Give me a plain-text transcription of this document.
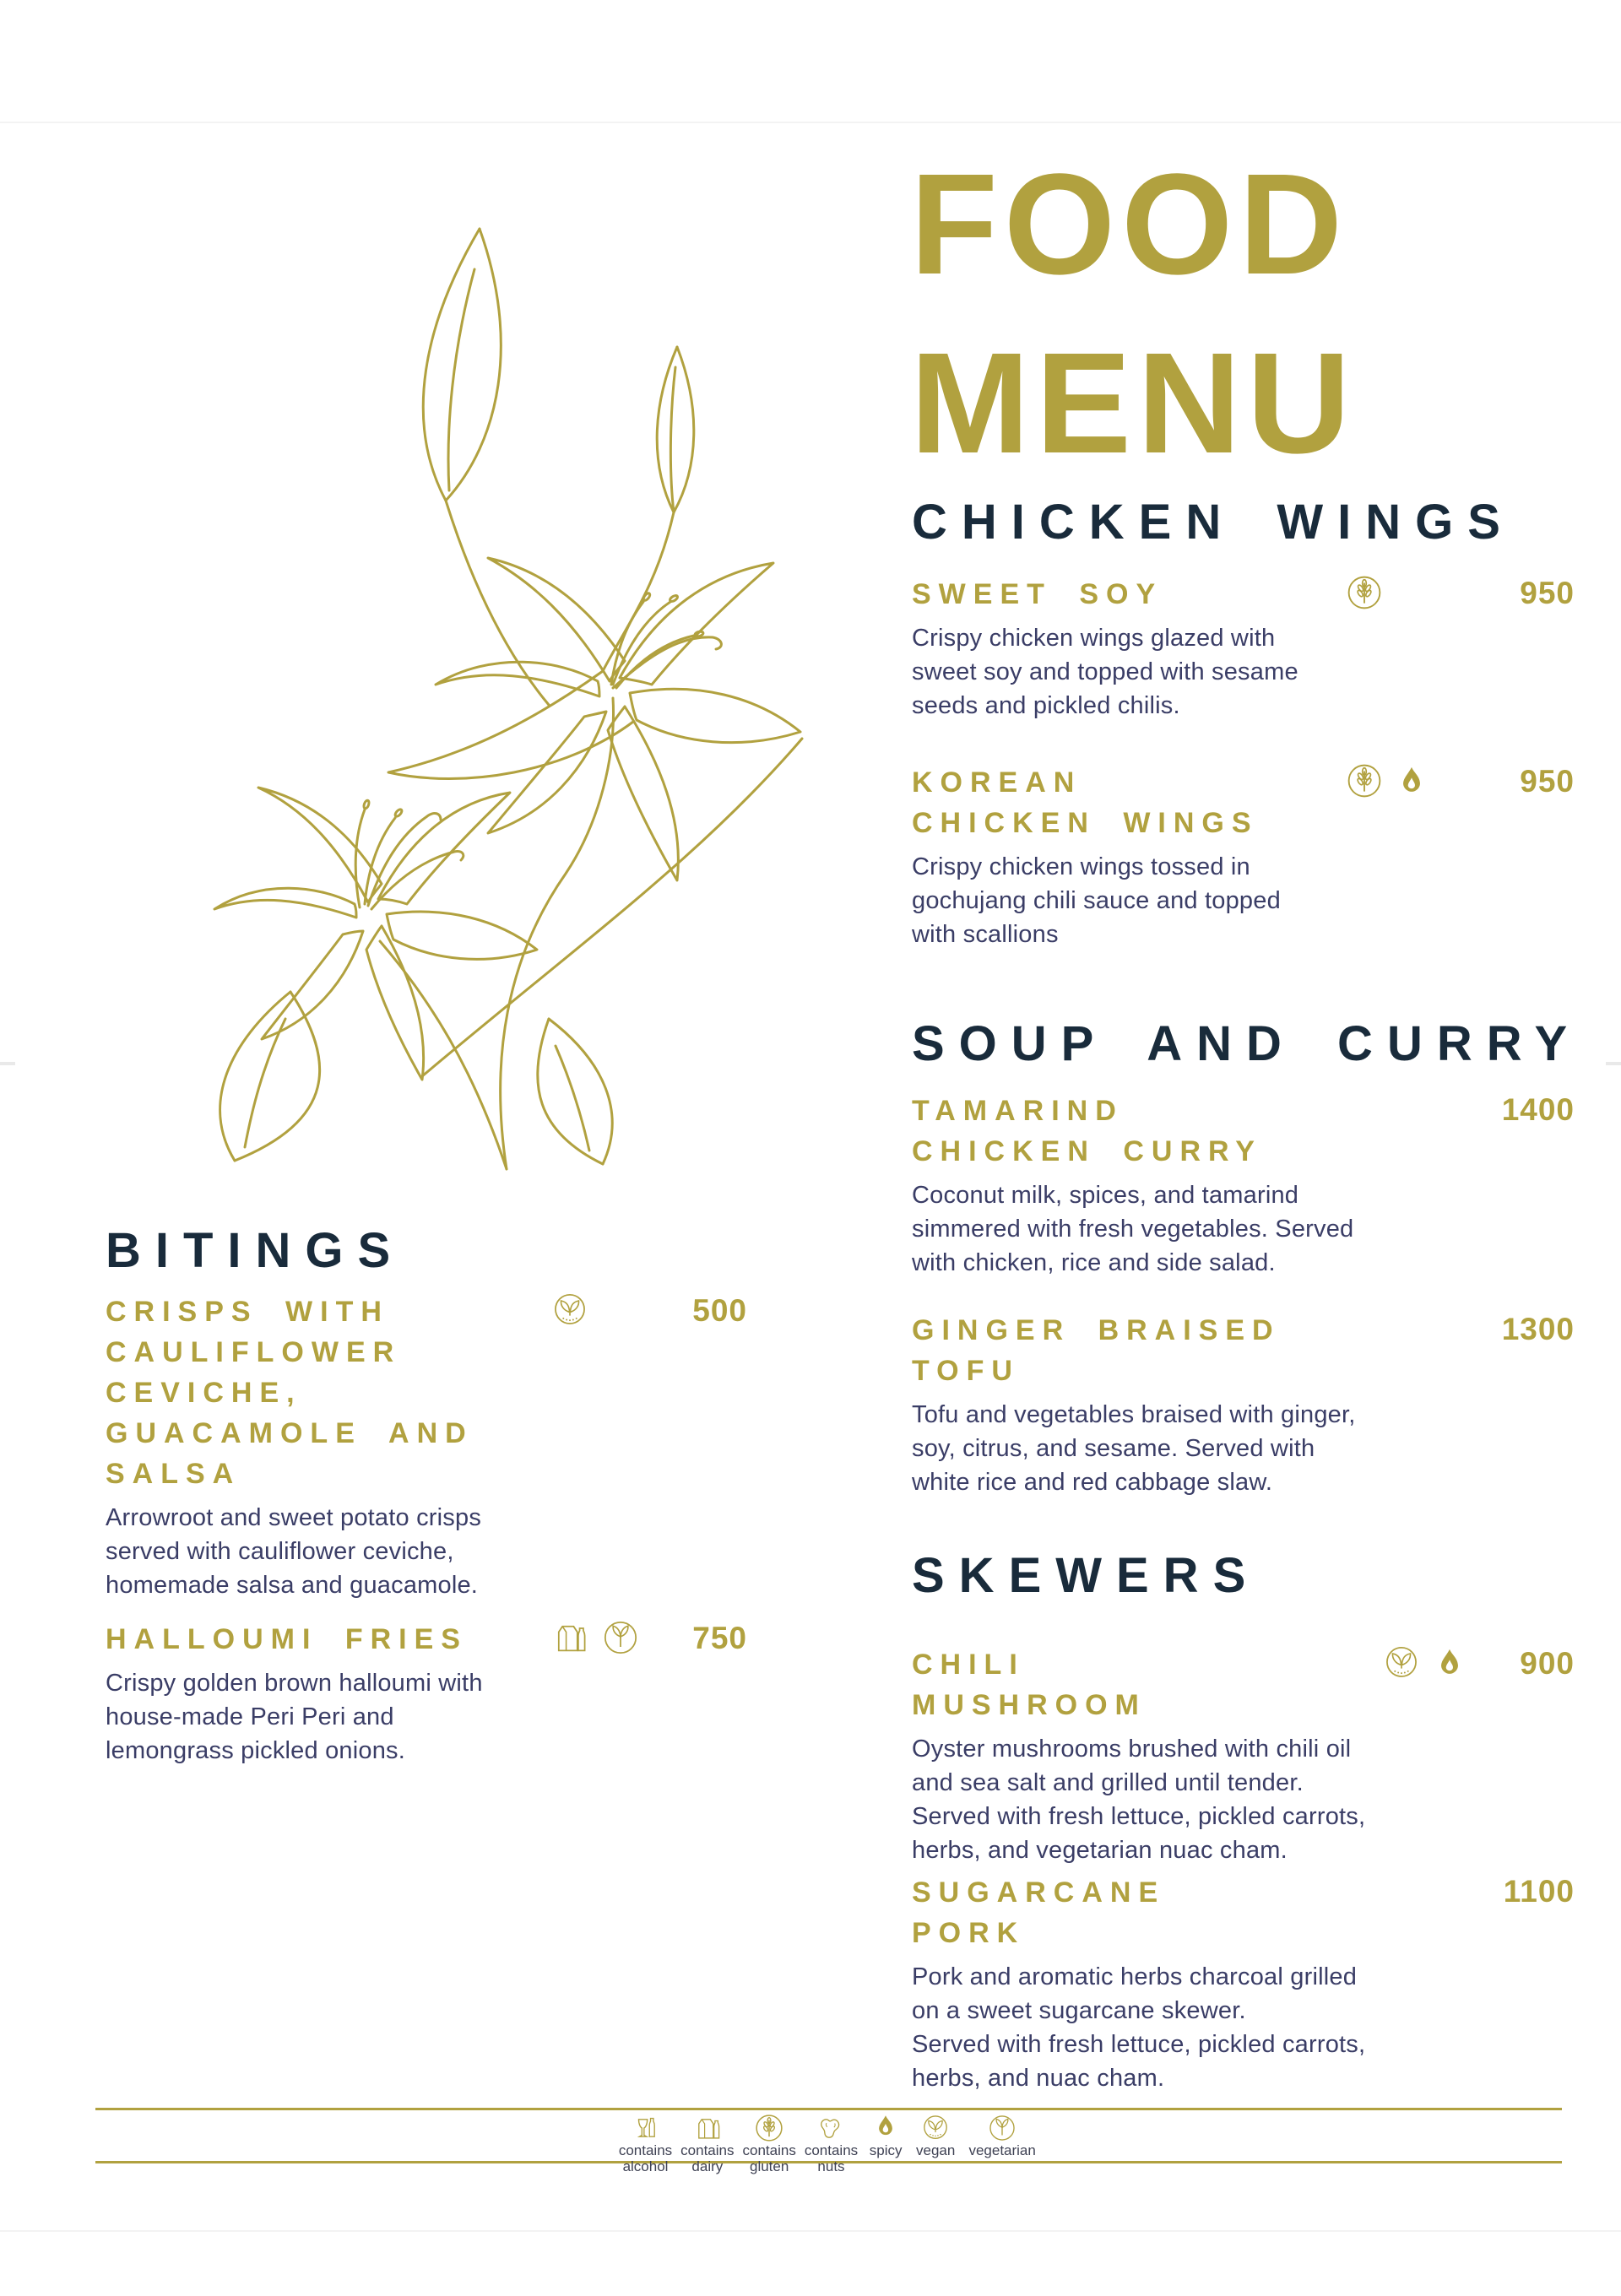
FOOD
MENU
CHICKEN WINGS
SOUP AND CURRY
SKEWERS
BITINGS
SWEET SOY	950
Crispy chicken wings glazed with
sweet soy and topped with sesame
seeds and pickled chilis.
KOREAN
CHICKEN WINGS
950
Crispy chicken wings tossed in
gochujang chili sauce and topped
with scallions
TAMARIND
CHICKEN CURRY
1400
Coconut milk, spices, and tamarind
simmered with fresh vegetables. Served
with chicken, rice and side salad.
GINGER BRAISED
TOFU
1300
Tofu and vegetables braised with ginger,
soy, citrus, and sesame. Served with
white rice and red cabbage slaw.
CHILI
MUSHROOM
900
Oyster mushrooms brushed with chili oil
and sea salt and grilled until tender.
Served with fresh lettuce, pickled carrots,
herbs, and vegetarian nuac cham.
SUGARCANE
PORK
1100
Pork and aromatic herbs charcoal grilled
on a sweet sugarcane skewer.
Served with fresh lettuce, pickled carrots,
herbs, and nuac cham.
CRISPS WITH
CAULIFLOWER
CEVICHE,
GUACAMOLE AND
SALSA
500
Arrowroot and sweet potato crisps
served with cauliflower ceviche,
homemade salsa and guacamole.
HALLOUMI FRIES	750
Crispy golden brown halloumi with
house-made Peri Peri and
lemongrass pickled onions.
contains
alcohol
contains
dairy
contains
gluten
contains
nuts
spicy vegan vegetarian
